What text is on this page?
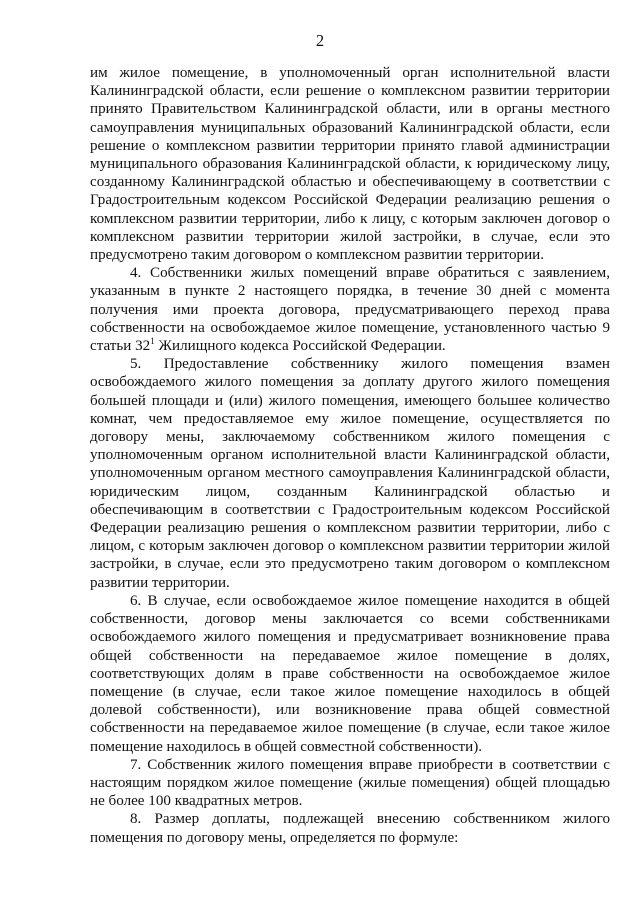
2

им жилое помещение, в уполномоченный орган исполнительной власти Калининградской области, если решение о комплексном развитии территории принято Правительством Калининградской области, или в органы местного самоуправления муниципальных образований Калининградской области, если решение о комплексном развитии территории принято главой администрации муниципального образования Калининградской области, к юридическому лицу, созданному Калининградской областью и обеспечивающему в соответствии с Градостроительным кодексом Российской Федерации реализацию решения о комплексном развитии территории, либо к лицу, с которым заключен договор о комплексном развитии территории жилой застройки, в случае, если это предусмотрено таким договором о комплексном развитии территории.

4. Собственники жилых помещений вправе обратиться с заявлением, указанным в пункте 2 настоящего порядка, в течение 30 дней с момента получения ими проекта договора, предусматривающего переход права собственности на освобождаемое жилое помещение, установленного частью 9 статьи $32^1$ Жилищного кодекса Российской Федерации.

5. Предоставление собственнику жилого помещения взамен освобождаемого жилого помещения за доплату другого жилого помещения большей площади и (или) жилого помещения, имеющего большее количество комнат, чем предоставляемое ему жилое помещение, осуществляется по договору мены, заключаемому собственником жилого помещения с уполномоченным органом исполнительной власти Калининградской области, уполномоченным органом местного самоуправления Калининградской области, юридическим лицом, созданным Калининградской областью и обеспечивающим в соответствии с Градостроительным кодексом Российской Федерации реализацию решения о комплексном развитии территории, либо с лицом, с которым заключен договор о комплексном развитии территории жилой застройки, в случае, если это предусмотрено таким договором о комплексном развитии территории.

6. В случае, если освобождаемое жилое помещение находится в общей собственности, договор мены заключается со всеми собственниками освобождаемого жилого помещения и предусматривает возникновение права общей собственности на передаваемое жилое помещение в долях, соответствующих долям в праве собственности на освобождаемое жилое помещение (в случае, если такое жилое помещение находилось в общей долевой собственности), или возникновение права общей совместной собственности на передаваемое жилое помещение (в случае, если такое жилое помещение находилось в общей совместной собственности).

7. Собственник жилого помещения вправе приобрести в соответствии с настоящим порядком жилое помещение (жилые помещения) общей площадью не более 100 квадратных метров.

8. Размер доплаты, подлежащей внесению собственником жилого помещения по договору мены, определяется по формуле:
